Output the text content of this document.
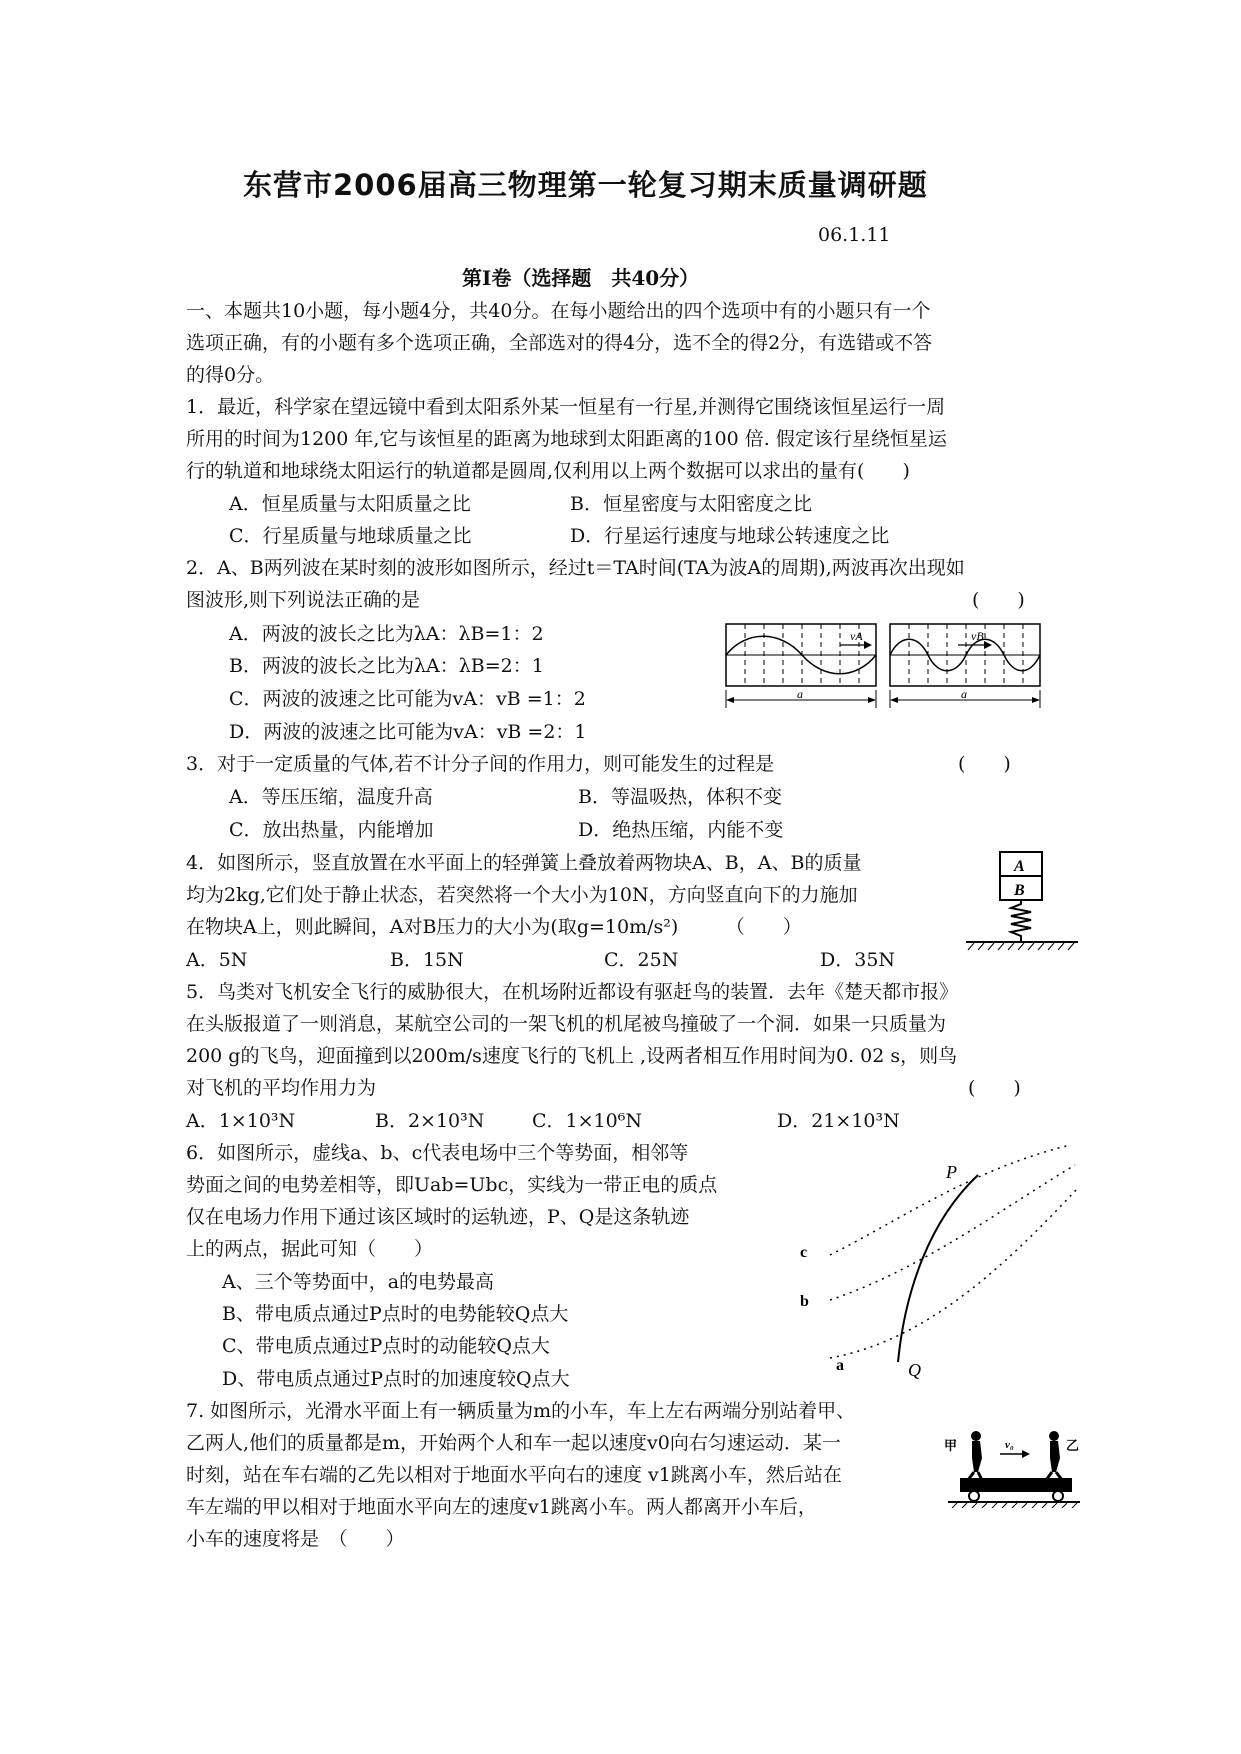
东营市2006届高三物理第一轮复习期末质量调研题
06.1.11
第Ⅰ卷（选择题　共40分）
一、本题共10小题，每小题4分，共40分。在每小题给出的四个选项中有的小题只有一个
选项正确，有的小题有多个选项正确，全部选对的得4分，选不全的得2分，有选错或不答
的得0分。
1．最近，科学家在望远镜中看到太阳系外某一恒星有一行星,并测得它围绕该恒星运行一周
所用的时间为1200 年,它与该恒星的距离为地球到太阳距离的100 倍. 假定该行星绕恒星运
行的轨道和地球绕太阳运行的轨道都是圆周,仅利用以上两个数据可以求出的量有(　　)
A．恒星质量与太阳质量之比	B．恒星密度与太阳密度之比
C．行星质量与地球质量之比	D．行星运行速度与地球公转速度之比
2．A、B两列波在某时刻的波形如图所示，经过t＝TA时间(TA为波A的周期),两波再次出现如
图波形,则下列说法正确的是	(　　)
A．两波的波长之比为λA：λB=1：2
B．两波的波长之比为λA：λB=2：1
C．两波的波速之比可能为vA：vB =1：2
D．两波的波速之比可能为vA：vB =2：1
vA
a
vB
a
3．对于一定质量的气体,若不计分子间的作用力，则可能发生的过程是	(　　)
A．等压压缩，温度升高	B．等温吸热，体积不变
C．放出热量，内能增加	D．绝热压缩，内能不变
4．如图所示，竖直放置在水平面上的轻弹簧上叠放着两物块A、B，A、B的质量
均为2kg,它们处于静止状态，若突然将一个大小为10N，方向竖直向下的力施加
在物块A上，则此瞬间，A对B压力的大小为(取g=10m/s²)　　　（　　）
A．5N	B．15N	C．25N	D．35N
A
B
5．鸟类对飞机安全飞行的威胁很大，在机场附近都设有驱赶鸟的装置．去年《楚天都市报》
在头版报道了一则消息，某航空公司的一架飞机的机尾被鸟撞破了一个洞．如果一只质量为
200 g的飞鸟，迎面撞到以200m/s速度飞行的飞机上 ,设两者相互作用时间为0. 02 s，则鸟
对飞机的平均作用力为	(　　)
A．1×10³N	B．2×10³N	C．1×10⁶N	D．21×10³N
6．如图所示，虚线a、b、c代表电场中三个等势面，相邻等
势面之间的电势差相等，即Uab=Ubc，实线为一带正电的质点
仅在电场力作用下通过该区域时的运轨迹，P、Q是这条轨迹
上的两点，据此可知（　　）
A、三个等势面中，a的电势最高
B、带电质点通过P点时的电势能较Q点大
C、带电质点通过P点时的动能较Q点大
D、带电质点通过P点时的加速度较Q点大
P
Q
c
b
a
7. 如图所示，光滑水平面上有一辆质量为m的小车，车上左右两端分别站着甲、
乙两人,他们的质量都是m，开始两个人和车一起以速度v0向右匀速运动．某一
时刻，站在车右端的乙先以相对于地面水平向右的速度 v1跳离小车，然后站在
车左端的甲以相对于地面水平向左的速度v1跳离小车。两人都离开小车后，
小车的速度将是　（　　）
甲	乙
v₀
